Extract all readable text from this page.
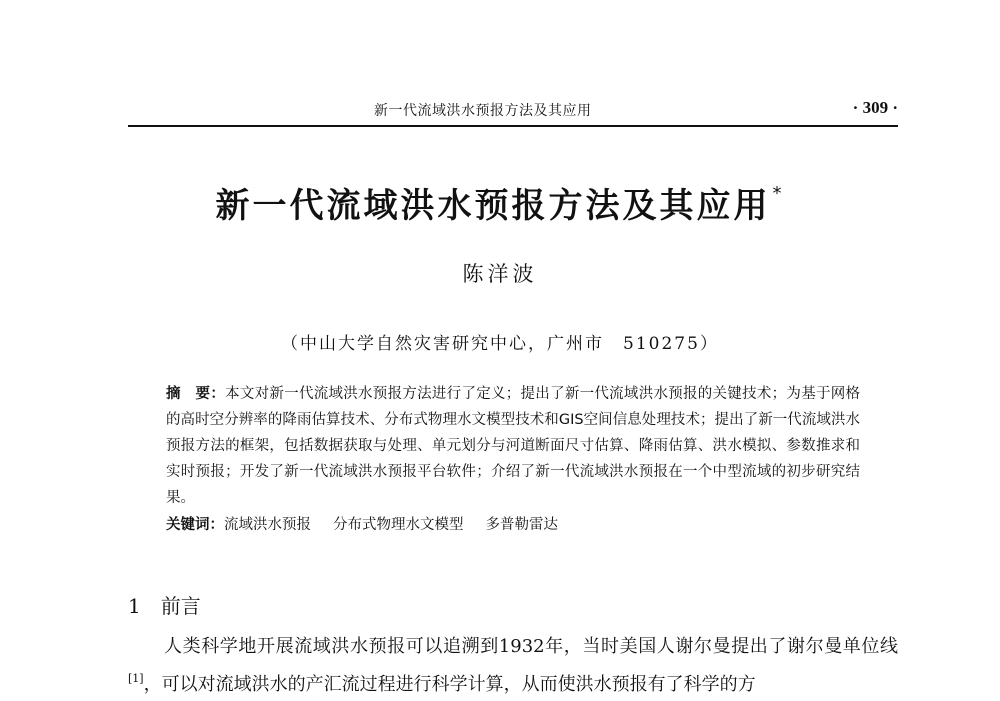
新一代流域洪水预报方法及其应用	· 309 ·
新一代流域洪水预报方法及其应用 *
陈洋波
（中山大学自然灾害研究中心，广州市　510275）
摘　要：本文对新一代流域洪水预报方法进行了定义；提出了新一代流域洪水预报的关键技术；为基于网格的高时空分辨率的降雨估算技术、分布式物理水文模型技术和GIS空间信息处理技术；提出了新一代流域洪水预报方法的框架，包括数据获取与处理、单元划分与河道断面尺寸估算、降雨估算、洪水模拟、参数推求和实时预报；开发了新一代流域洪水预报平台软件；介绍了新一代流域洪水预报在一个中型流域的初步研究结果。
关键词：流域洪水预报 分布式物理水文模型 多普勒雷达
1 前言
人类科学地开展流域洪水预报可以追溯到1932年，当时美国人谢尔曼提出了谢尔曼单位线[1]，可以对流域洪水的产汇流过程进行科学计算，从而使洪水预报有了科学的方
